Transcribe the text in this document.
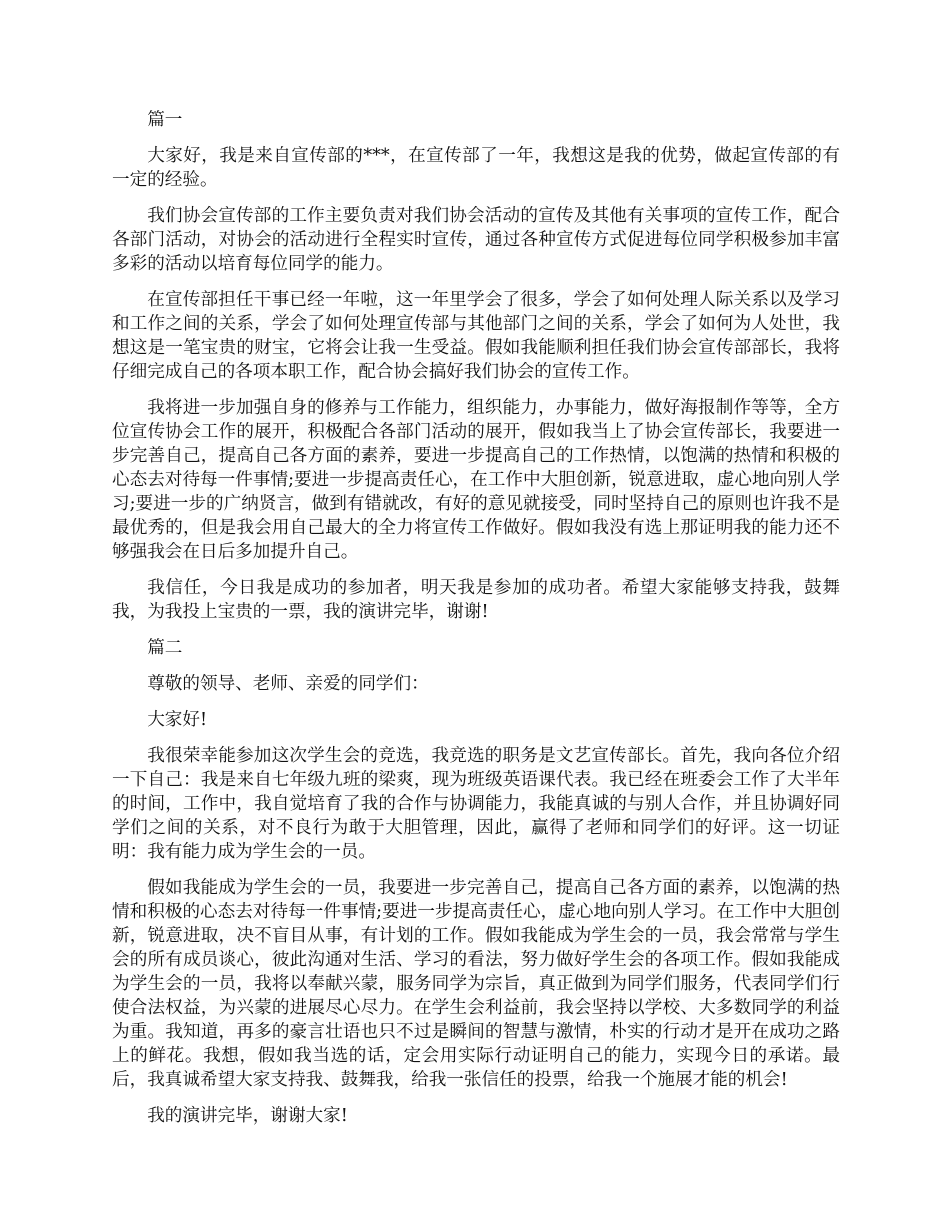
篇一
大家好，我是来自宣传部的***，在宣传部了一年，我想这是我的优势，做起宣传部的有一定的经验。
我们协会宣传部的工作主要负责对我们协会活动的宣传及其他有关事项的宣传工作，配合各部门活动，对协会的活动进行全程实时宣传，通过各种宣传方式促进每位同学积极参加丰富多彩的活动以培育每位同学的能力。
在宣传部担任干事已经一年啦，这一年里学会了很多，学会了如何处理人际关系以及学习和工作之间的关系，学会了如何处理宣传部与其他部门之间的关系，学会了如何为人处世，我想这是一笔宝贵的财宝，它将会让我一生受益。假如我能顺利担任我们协会宣传部部长，我将仔细完成自己的各项本职工作，配合协会搞好我们协会的宣传工作。
我将进一步加强自身的修养与工作能力，组织能力，办事能力，做好海报制作等等，全方位宣传协会工作的展开，积极配合各部门活动的展开，假如我当上了协会宣传部长，我要进一步完善自己，提高自己各方面的素养，要进一步提高自己的工作热情，以饱满的热情和积极的心态去对待每一件事情;要进一步提高责任心，在工作中大胆创新，锐意进取，虚心地向别人学习;要进一步的广纳贤言，做到有错就改，有好的意见就接受，同时坚持自己的原则也许我不是最优秀的，但是我会用自己最大的全力将宣传工作做好。假如我没有选上那证明我的能力还不够强我会在日后多加提升自己。
我信任，今日我是成功的参加者，明天我是参加的成功者。希望大家能够支持我，鼓舞我，为我投上宝贵的一票，我的演讲完毕，谢谢!
篇二
尊敬的领导、老师、亲爱的同学们：
大家好!
我很荣幸能参加这次学生会的竞选，我竞选的职务是文艺宣传部长。首先，我向各位介绍一下自己：我是来自七年级九班的梁爽，现为班级英语课代表。我已经在班委会工作了大半年的时间，工作中，我自觉培育了我的合作与协调能力，我能真诚的与别人合作，并且协调好同学们之间的关系，对不良行为敢于大胆管理，因此，赢得了老师和同学们的好评。这一切证明：我有能力成为学生会的一员。
假如我能成为学生会的一员，我要进一步完善自己，提高自己各方面的素养，以饱满的热情和积极的心态去对待每一件事情;要进一步提高责任心，虚心地向别人学习。在工作中大胆创新，锐意进取，决不盲目从事，有计划的工作。假如我能成为学生会的一员，我会常常与学生会的所有成员谈心，彼此沟通对生活、学习的看法，努力做好学生会的各项工作。假如我能成为学生会的一员，我将以奉献兴蒙，服务同学为宗旨，真正做到为同学们服务，代表同学们行使合法权益，为兴蒙的进展尽心尽力。在学生会利益前，我会坚持以学校、大多数同学的利益为重。我知道，再多的豪言壮语也只不过是瞬间的智慧与激情，朴实的行动才是开在成功之路上的鲜花。我想，假如我当选的话，定会用实际行动证明自己的能力，实现今日的承诺。最后，我真诚希望大家支持我、鼓舞我，给我一张信任的投票，给我一个施展才能的机会!
我的演讲完毕，谢谢大家!
